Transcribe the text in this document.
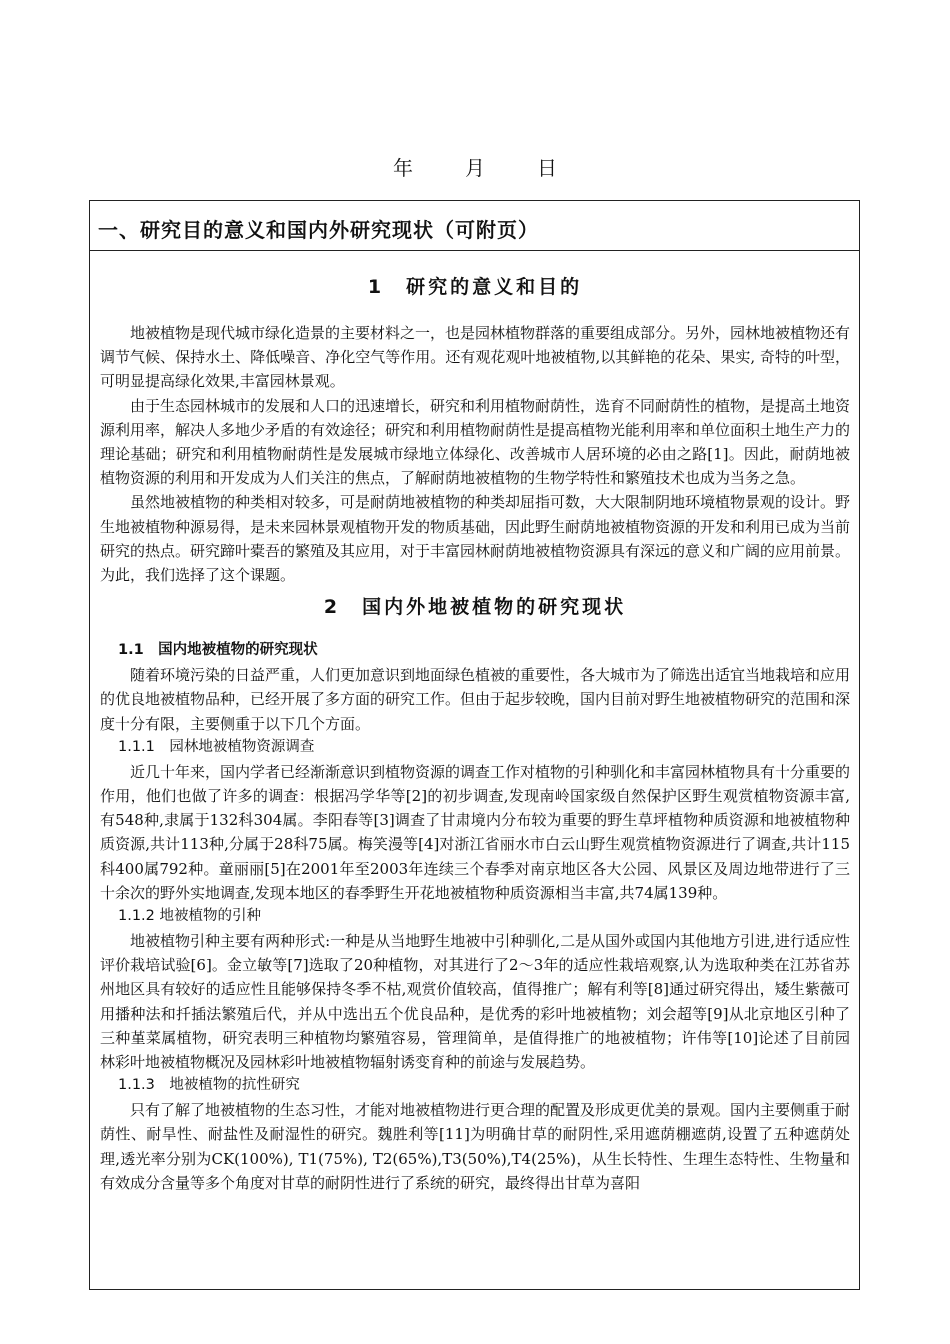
年	月	日
一、研究目的意义和国内外研究现状（可附页）
1　研究的意义和目的

地被植物是现代城市绿化造景的主要材料之一，也是园林植物群落的重要组成部分。另外，园林地被植物还有调节气候、保持水土、降低噪音、净化空气等作用。还有观花观叶地被植物,以其鲜艳的花朵、果实, 奇特的叶型，可明显提高绿化效果,丰富园林景观。

由于生态园林城市的发展和人口的迅速增长，研究和利用植物耐荫性，选育不同耐荫性的植物，是提高土地资源利用率，解决人多地少矛盾的有效途径；研究和利用植物耐荫性是提高植物光能利用率和单位面积土地生产力的理论基础；研究和利用植物耐荫性是发展城市绿地立体绿化、改善城市人居环境的必由之路[1]。因此，耐荫地被植物资源的利用和开发成为人们关注的焦点，了解耐荫地被植物的生物学特性和繁殖技术也成为当务之急。

虽然地被植物的种类相对较多，可是耐荫地被植物的种类却屈指可数，大大限制阴地环境植物景观的设计。野生地被植物种源易得，是未来园林景观植物开发的物质基础，因此野生耐荫地被植物资源的开发和利用已成为当前研究的热点。研究蹄叶橐吾的繁殖及其应用，对于丰富园林耐荫地被植物资源具有深远的意义和广阔的应用前景。为此，我们选择了这个课题。

2　国内外地被植物的研究现状
1.1　国内地被植物的研究现状

随着环境污染的日益严重，人们更加意识到地面绿色植被的重要性，各大城市为了筛选出适宜当地栽培和应用的优良地被植物品种，已经开展了多方面的研究工作。但由于起步较晚，国内目前对野生地被植物研究的范围和深度十分有限，主要侧重于以下几个方面。

1.1.1　园林地被植物资源调查

近几十年来，国内学者已经渐渐意识到植物资源的调查工作对植物的引种驯化和丰富园林植物具有十分重要的作用，他们也做了许多的调查：根据冯学华等[2]的初步调查,发现南岭国家级自然保护区野生观赏植物资源丰富,有548种,隶属于132科304属。李阳春等[3]调查了甘肃境内分布较为重要的野生草坪植物种质资源和地被植物种质资源,共计113种,分属于28科75属。梅笑漫等[4]对浙江省丽水市白云山野生观赏植物资源进行了调查,共计115科400属792种。童丽丽[5]在2001年至2003年连续三个春季对南京地区各大公园、风景区及周边地带进行了三十余次的野外实地调查,发现本地区的春季野生开花地被植物种质资源相当丰富,共74属139种。

1.1.2 地被植物的引种

地被植物引种主要有两种形式:一种是从当地野生地被中引种驯化,二是从国外或国内其他地方引进,进行适应性评价栽培试验[6]。金立敏等[7]选取了20种植物，对其进行了2～3年的适应性栽培观察,认为选取种类在江苏省苏州地区具有较好的适应性且能够保持冬季不枯,观赏价值较高，值得推广；解有利等[8]通过研究得出，矮生紫薇可用播种法和扦插法繁殖后代，并从中选出五个优良品种，是优秀的彩叶地被植物；刘会超等[9]从北京地区引种了三种堇菜属植物，研究表明三种植物均繁殖容易，管理简单，是值得推广的地被植物；许伟等[10]论述了目前园林彩叶地被植物概况及园林彩叶地被植物辐射诱变育种的前途与发展趋势。

1.1.3　地被植物的抗性研究

只有了解了地被植物的生态习性，才能对地被植物进行更合理的配置及形成更优美的景观。国内主要侧重于耐荫性、耐旱性、耐盐性及耐湿性的研究。魏胜利等[11]为明确甘草的耐阴性,采用遮荫棚遮荫,设置了五种遮荫处理,透光率分别为CK(100%), T1(75%), T2(65%),T3(50%),T4(25%)，从生长特性、生理生态特性、生物量和有效成分含量等多个角度对甘草的耐阴性进行了系统的研究，最终得出甘草为喜阳
